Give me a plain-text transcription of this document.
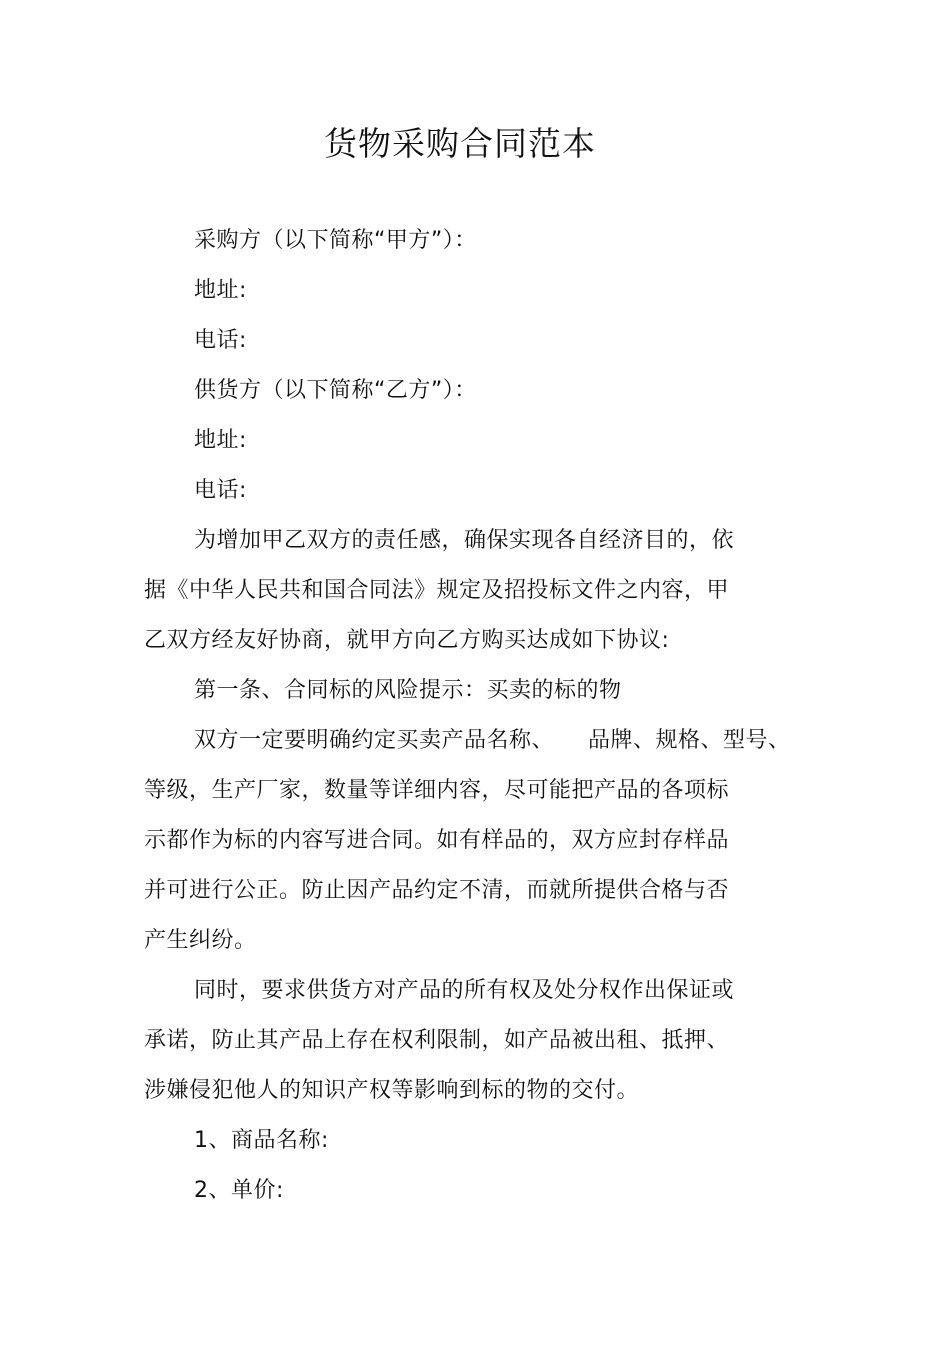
货物采购合同范本
采购方（以下简称“甲方”）：
地址:
电话:
供货方（以下简称“乙方”）：
地址:
电话:
为增加甲乙双方的责任感，确保实现各自经济目的，依
据《中华人民共和国合同法》规定及招投标文件之内容，甲
乙双方经友好协商，就甲方向乙方购买达成如下协议:
第一条、合同标的风险提示：买卖的标的物
双方一定要明确约定买卖产品名称、　　品牌、规格、型号、
等级，生产厂家，数量等详细内容，尽可能把产品的各项标
示都作为标的内容写进合同。如有样品的，双方应封存样品
并可进行公正。防止因产品约定不清，而就所提供合格与否
产生纠纷。
同时，要求供货方对产品的所有权及处分权作出保证或
承诺，防止其产品上存在权利限制，如产品被出租、抵押、
涉嫌侵犯他人的知识产权等影响到标的物的交付。
1、商品名称:
2、单价:
